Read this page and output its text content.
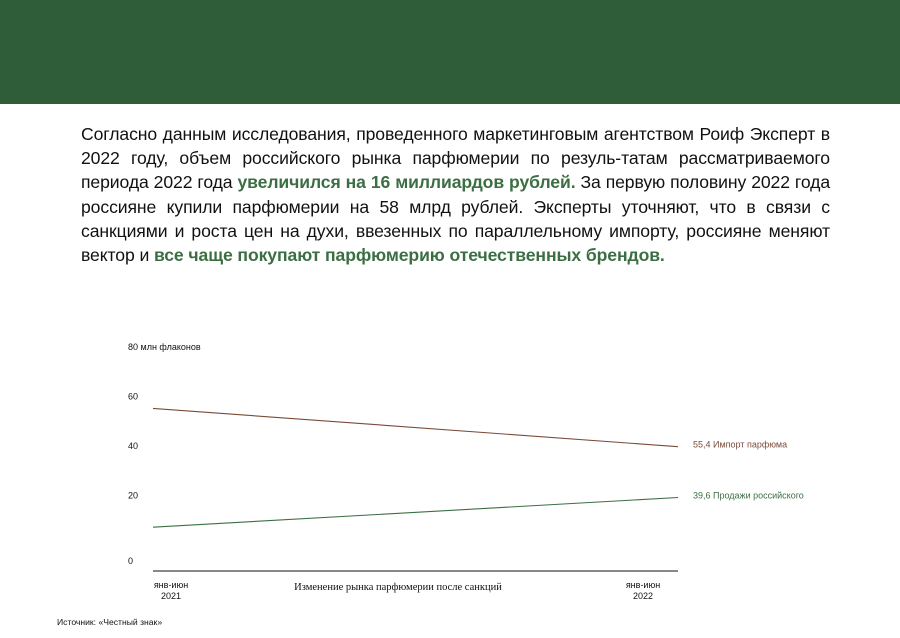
Согласно данным исследования, проведенного маркетинговым агентством Роиф Эксперт в 2022 году, объем российского рынка парфюмерии по резуль-татам рассматриваемого периода 2022 года увеличился на 16 миллиардов рублей. За первую половину 2022 года россияне купили парфюмерии на 58 млрд рублей. Эксперты уточняют, что в связи с санкциями и роста цен на духи, ввезенных по параллельному импорту, россияне меняют вектор и все чаще покупают парфюмерию отечественных брендов.
80 млн флаконов
60
40
20
0
янв-июн
2021
янв-июн
2022
55,4 Импорт парфюма
39,6 Продажи российского
Изменение рынка парфюмерии после санкций
Источник: «Честный знак»
